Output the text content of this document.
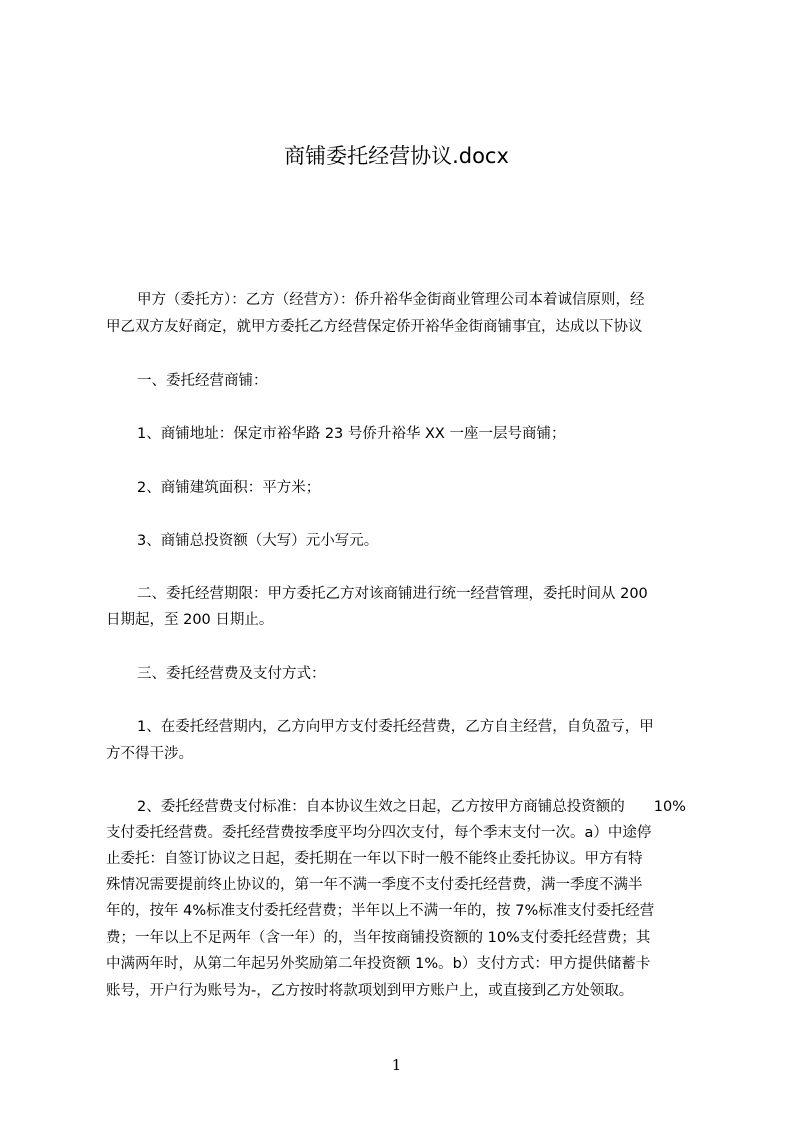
商铺委托经营协议.docx
甲方（委托方）：乙方（经营方）：侨升裕华金街商业管理公司本着诚信原则，经
甲乙双方友好商定，就甲方委托乙方经营保定侨开裕华金街商铺事宜，达成以下协议
一、委托经营商铺：
1、商铺地址：保定市裕华路 23 号侨升裕华 XX 一座一层号商铺；
2、商铺建筑面积：平方米；
3、商铺总投资额（大写）元小写元。
二、委托经营期限：甲方委托乙方对该商铺进行统一经营管理，委托时间从 200
日期起，至 200 日期止。
三、委托经营费及支付方式：
1、在委托经营期内，乙方向甲方支付委托经营费，乙方自主经营，自负盈亏，甲
方不得干涉。
2、委托经营费支付标准：自本协议生效之日起，乙方按甲方商铺总投资额的　　10%
支付委托经营费。委托经营费按季度平均分四次支付，每个季末支付一次。a）中途停
止委托：自签订协议之日起，委托期在一年以下时一般不能终止委托协议。甲方有特
殊情况需要提前终止协议的，第一年不满一季度不支付委托经营费，满一季度不满半
年的，按年 4%标准支付委托经营费；半年以上不满一年的，按 7%标准支付委托经营
费；一年以上不足两年（含一年）的，当年按商铺投资额的 10%支付委托经营费；其
中满两年时，从第二年起另外奖励第二年投资额 1%。b）支付方式：甲方提供储蓄卡
账号，开户行为账号为-，乙方按时将款项划到甲方账户上，或直接到乙方处领取。
1
